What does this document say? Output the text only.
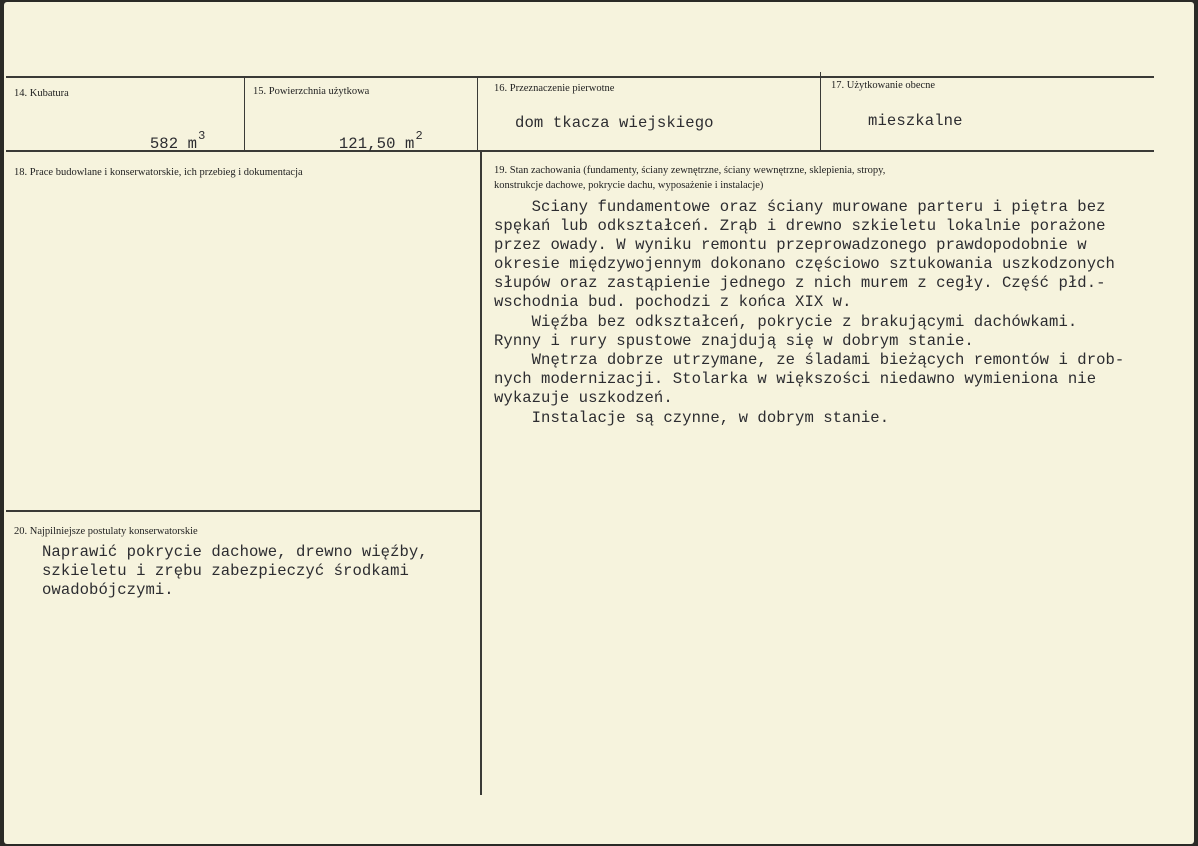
14. Kubatura

582 $m^3$

15. Powierzchnia użytkowa

121,50 $m^2$

16. Przeznaczenie pierwotne
dom tkacza wiejskiego
17. Użytkowanie obecne
mieszkalne
18. Prace budowlane i konserwatorskie, ich przebieg i dokumentacja	19. Stan zachowania (fundamenty, ściany zewnętrzne, ściany wewnętrzne, sklepienia, stropy,
konstrukcje dachowe, pokrycie dachu, wyposażenie i instalacje)
Sciany fundamentowe oraz ściany murowane parteru i piętra bez
spękań lub odkształceń. Zrąb i drewno szkieletu lokalnie porażone
przez owady. W wyniku remontu przeprowadzonego prawdopodobnie w
okresie międzywojennym dokonano częściowo sztukowania uszkodzonych
słupów oraz zastąpienie jednego z nich murem z cegły. Część płd.-
wschodnia bud. pochodzi z końca XIX w.
Więźba bez odkształceń, pokrycie z brakującymi dachówkami.
Rynny i rury spustowe znajdują się w dobrym stanie.
Wnętrza dobrze utrzymane, ze śladami bieżących remontów i drob-
nych modernizacji. Stolarka w większości niedawno wymieniona nie
wykazuje uszkodzeń.
Instalacje są czynne, w dobrym stanie.
20. Najpilniejsze postulaty konserwatorskie
Naprawić pokrycie dachowe, drewno więźby,
szkieletu i zrębu zabezpieczyć środkami
owadobójczymi.
